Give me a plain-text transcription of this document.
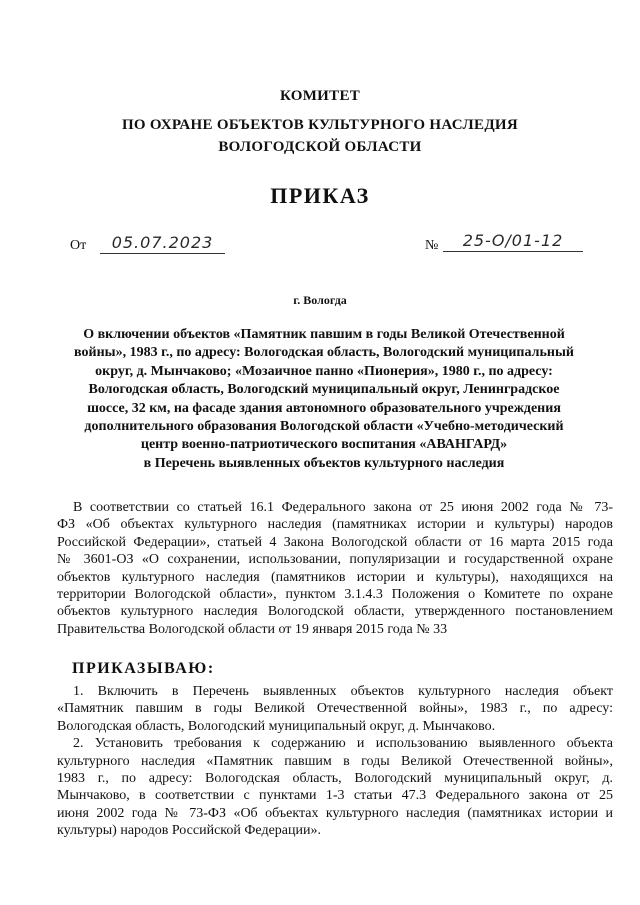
КОМИТЕТ
ПО ОХРАНЕ ОБЪЕКТОВ КУЛЬТУРНОГО НАСЛЕДИЯ
ВОЛОГОДСКОЙ ОБЛАСТИ
ПРИКАЗ
От	05.07.2023	№	25-О/01-12
г. Вологда
О включении объектов «Памятник павшим в годы Великой Отечественной
войны», 1983 г., по адресу: Вологодская область, Вологодский муниципальный
округ, д. Мынчаково; «Мозаичное панно «Пионерия», 1980 г., по адресу:
Вологодская область, Вологодский муниципальный округ, Ленинградское
шоссе, 32 км, на фасаде здания автономного образовательного учреждения
дополнительного образования Вологодской области «Учебно-методический
центр военно-патриотического воспитания «АВАНГАРД»
в Перечень выявленных объектов культурного наследия
В соответствии со статьей 16.1 Федерального закона от 25 июня 2002 года № 73-
ФЗ «Об объектах культурного наследия (памятниках истории и культуры) народов
Российской Федерации», статьей 4 Закона Вологодской области от 16 марта 2015 года
№ 3601-ОЗ «О сохранении, использовании, популяризации и государственной охране
объектов культурного наследия (памятников истории и культуры), находящихся на
территории Вологодской области», пунктом 3.1.4.3 Положения о Комитете по охране
объектов культурного наследия Вологодской области, утвержденного постановлением
Правительства Вологодской области от 19 января 2015 года № 33
ПРИКАЗЫВАЮ:
1. Включить в Перечень выявленных объектов культурного наследия объект
«Памятник павшим в годы Великой Отечественной войны», 1983 г., по адресу:
Вологодская область, Вологодский муниципальный округ, д. Мынчаково.
2. Установить требования к содержанию и использованию выявленного объекта
культурного наследия «Памятник павшим в годы Великой Отечественной войны»,
1983 г., по адресу: Вологодская область, Вологодский муниципальный округ, д.
Мынчаково, в соответствии с пунктами 1-3 статьи 47.3 Федерального закона от 25
июня 2002 года № 73-ФЗ «Об объектах культурного наследия (памятниках истории и
культуры) народов Российской Федерации».
